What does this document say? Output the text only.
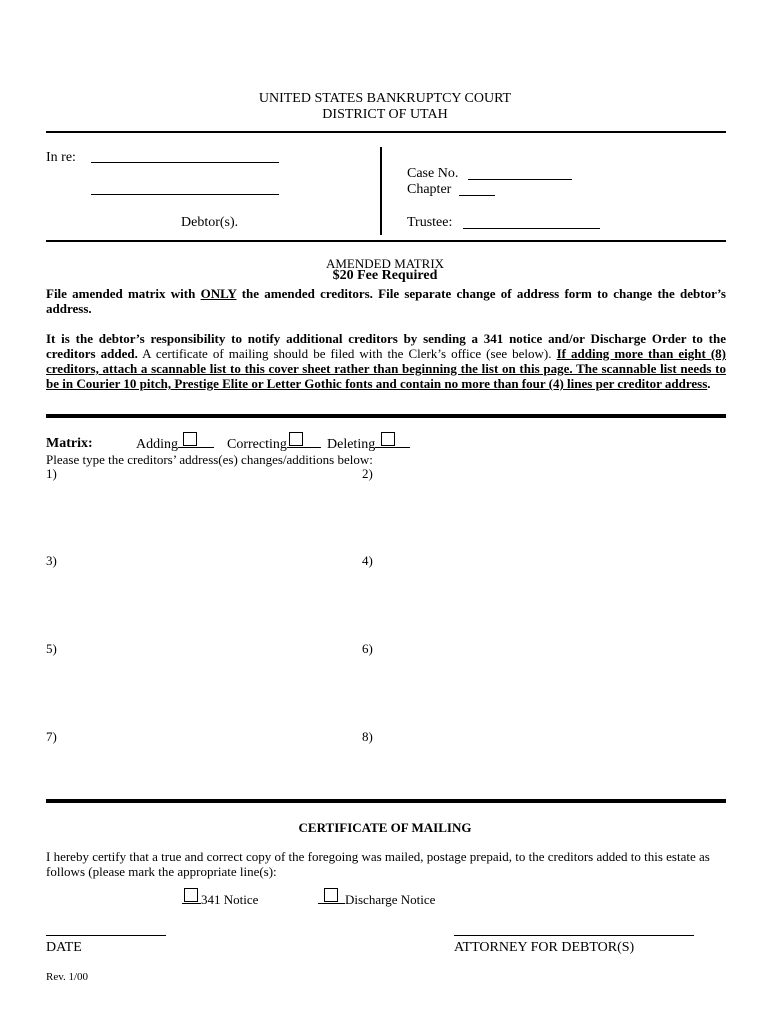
UNITED STATES BANKRUPTCY COURT
DISTRICT OF UTAH
In re:
Debtor(s).
Case No.
Chapter
Trustee:
AMENDED MATRIX
$20 Fee Required
File amended matrix with ONLY the amended creditors. File separate change of address form to change the debtor’s address.
It is the debtor’s responsibility to notify additional creditors by sending a 341 notice and/or Discharge Order to the creditors added. A certificate of mailing should be filed with the Clerk’s office (see below). If adding more than eight (8) creditors, attach a scannable list to this cover sheet rather than beginning the list on this page. The scannable list needs to be in Courier 10 pitch, Prestige Elite or Letter Gothic fonts and contain no more than four (4) lines per creditor address.
Matrix:	Adding	Correcting	Deleting
Please type the creditors’ address(es) changes/additions below:
1)	2)
3)	4)
5)	6)
7)	8)
CERTIFICATE OF MAILING
I hereby certify that a true and correct copy of the foregoing was mailed, postage prepaid, to the creditors added to this estate as follows (please mark the appropriate line(s):
341 Notice	Discharge Notice
DATE	ATTORNEY FOR DEBTOR(S)
Rev. 1/00
